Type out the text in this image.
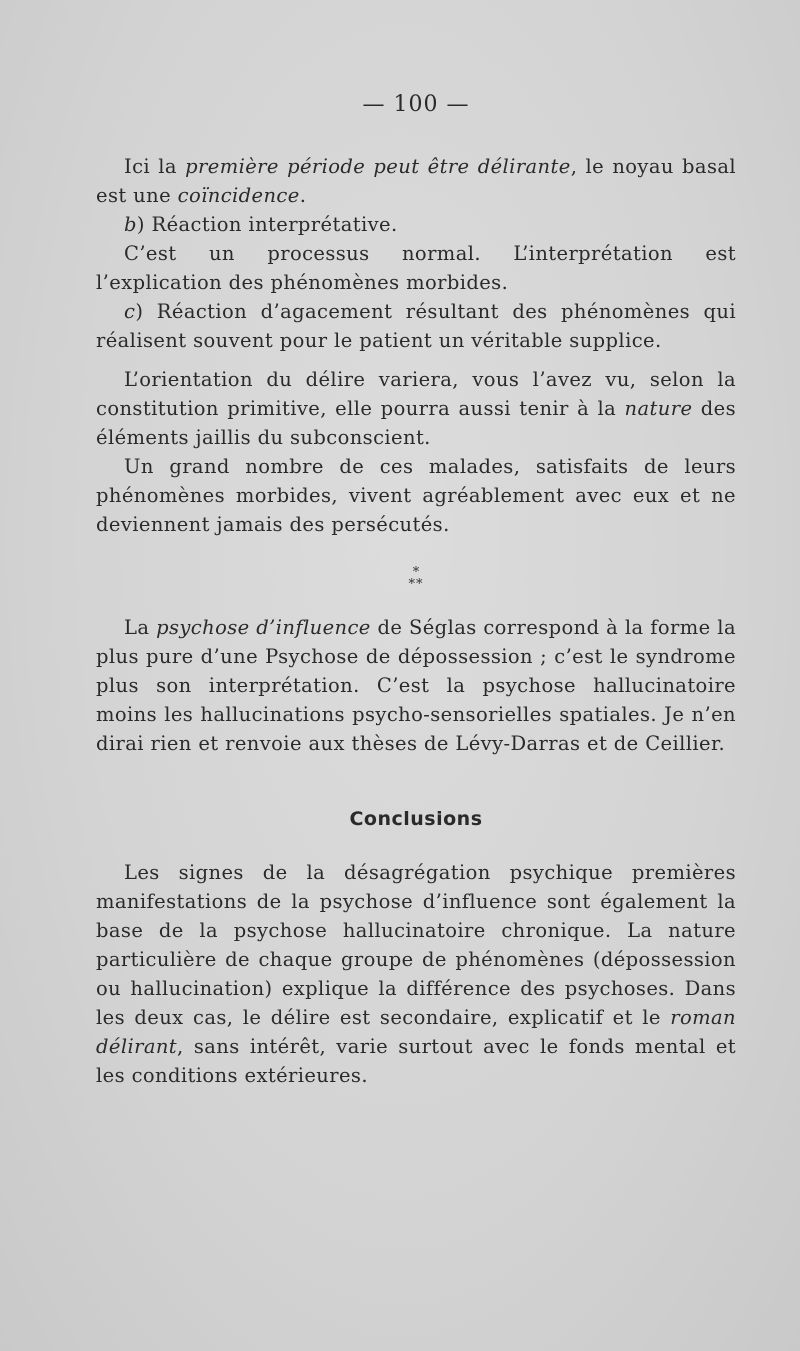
— 100 —

Ici la première période peut être délirante, le noyau basal est une coïncidence.

b) Réaction interprétative.

C’est un processus normal. L’interprétation est l’explication des phénomènes morbides.

c) Réaction d’agacement résultant des phénomènes qui réalisent souvent pour le patient un véritable supplice.

L’orientation du délire variera, vous l’avez vu, selon la constitution primitive, elle pourra aussi tenir à la nature des éléments jaillis du subconscient.

Un grand nombre de ces malades, satisfaits de leurs phénomènes morbides, vivent agréablement avec eux et ne deviennent jamais des persécutés.

*
**

La psychose d’influence de Séglas correspond à la forme la plus pure d’une Psychose de dépossession ; c’est le syndrome plus son interprétation. C’est la psychose hallucinatoire moins les hallucinations psycho-sensorielles spatiales. Je n’en dirai rien et renvoie aux thèses de Lévy-Darras et de Ceillier.

Conclusions

Les signes de la désagrégation psychique premières manifestations de la psychose d’influence sont également la base de la psychose hallucinatoire chronique. La nature particulière de chaque groupe de phénomènes (dépossession ou hallucination) explique la différence des psychoses. Dans les deux cas, le délire est secondaire, explicatif et le roman délirant, sans intérêt, varie surtout avec le fonds mental et les conditions extérieures.
